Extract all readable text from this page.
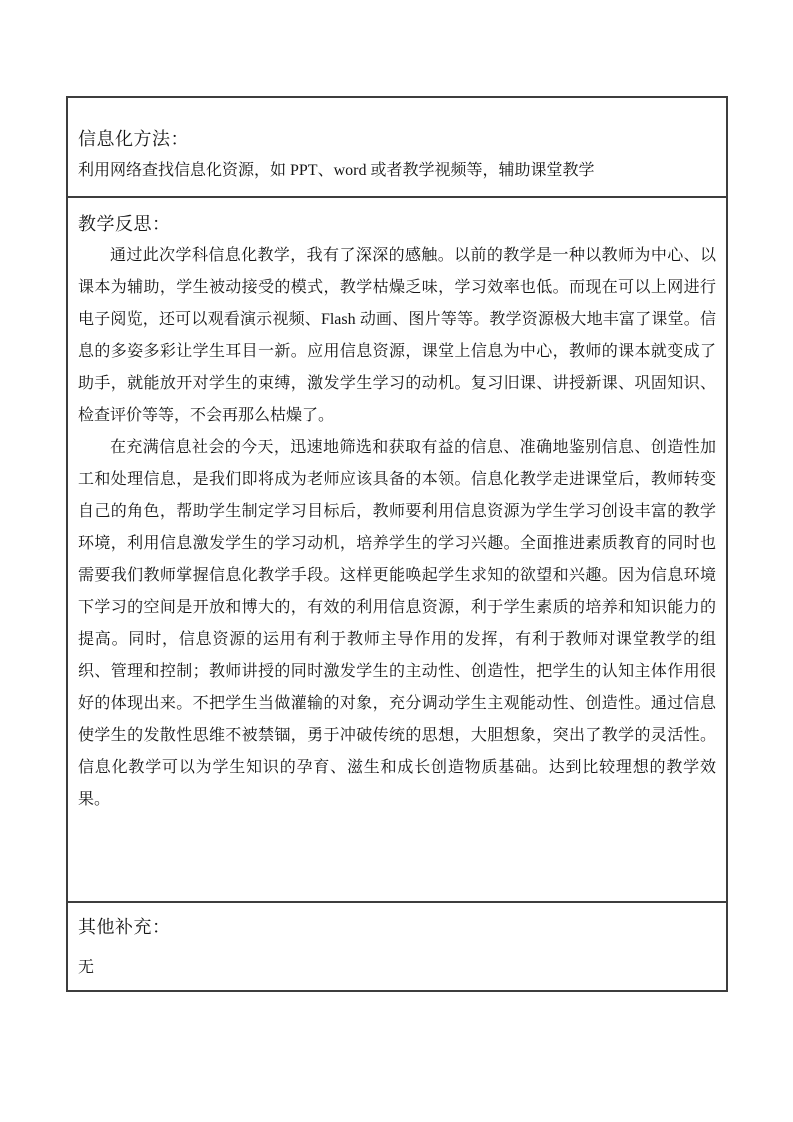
信息化方法：
利用网络查找信息化资源，如 PPT、word 或者教学视频等，辅助课堂教学
教学反思：

通过此次学科信息化教学，我有了深深的感触。以前的教学是一种以教师为中心、以课本为辅助，学生被动接受的模式，教学枯燥乏味，学习效率也低。而现在可以上网进行电子阅览，还可以观看演示视频、Flash 动画、图片等等。教学资源极大地丰富了课堂。信息的多姿多彩让学生耳目一新。应用信息资源，课堂上信息为中心，教师的课本就变成了助手，就能放开对学生的束缚，激发学生学习的动机。复习旧课、讲授新课、巩固知识、检查评价等等，不会再那么枯燥了。

在充满信息社会的今天，迅速地筛选和获取有益的信息、准确地鉴别信息、创造性加工和处理信息，是我们即将成为老师应该具备的本领。信息化教学走进课堂后，教师转变自己的角色，帮助学生制定学习目标后，教师要利用信息资源为学生学习创设丰富的教学环境，利用信息激发学生的学习动机，培养学生的学习兴趣。全面推进素质教育的同时也需要我们教师掌握信息化教学手段。这样更能唤起学生求知的欲望和兴趣。因为信息环境下学习的空间是开放和博大的，有效的利用信息资源，利于学生素质的培养和知识能力的提高。同时，信息资源的运用有利于教师主导作用的发挥，有利于教师对课堂教学的组织、管理和控制；教师讲授的同时激发学生的主动性、创造性，把学生的认知主体作用很好的体现出来。不把学生当做灌输的对象，充分调动学生主观能动性、创造性。通过信息使学生的发散性思维不被禁锢，勇于冲破传统的思想，大胆想象，突出了教学的灵活性。信息化教学可以为学生知识的孕育、滋生和成长创造物质基础。达到比较理想的教学效果。

其他补充：
无
